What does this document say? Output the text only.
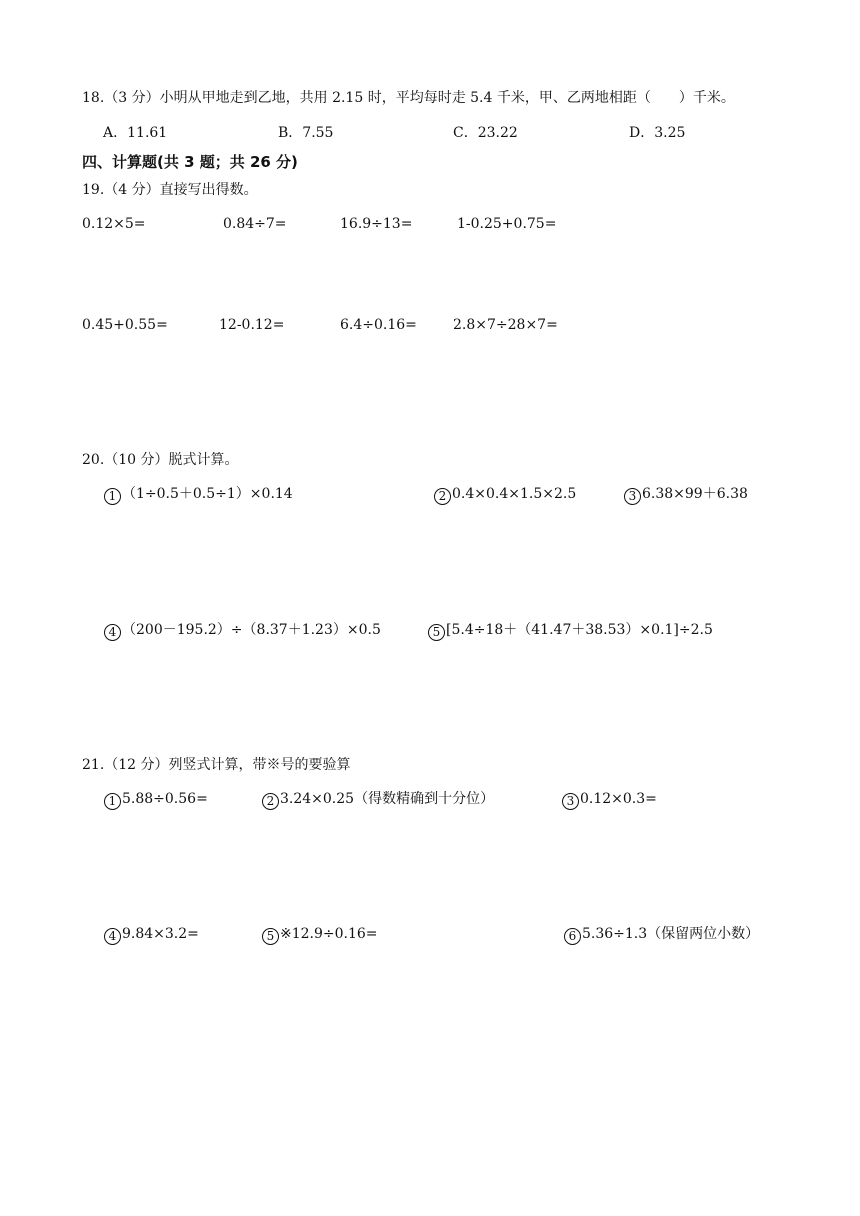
18.（3 分）小明从甲地走到乙地，共用 2.15 时，平均每时走 5.4 千米，甲、乙两地相距（　　）千米。
A．11.61	B．7.55	C．23.22	D．3.25
四、计算题(共 3 题；共 26 分)
19.（4 分）直接写出得数。
0.12×5=	0.84÷7=	16.9÷13=	1-0.25+0.75=
0.45+0.55=	12-0.12=	6.4÷0.16=	2.8×7÷28×7=
20.（10 分）脱式计算。
1 （1÷0.5＋0.5÷1）×0.14	2 0.4×0.4×1.5×2.5	3 6.38×99＋6.38
4 （200－195.2）÷（8.37＋1.23）×0.5	5 [5.4÷18＋（41.47＋38.53）×0.1]÷2.5
21.（12 分）列竖式计算，带※号的要验算
1 5.88÷0.56=	2 3.24×0.25（得数精确到十分位）	3 0.12×0.3=
4 9.84×3.2=	5 ※12.9÷0.16=	6 5.36÷1.3（保留两位小数）
